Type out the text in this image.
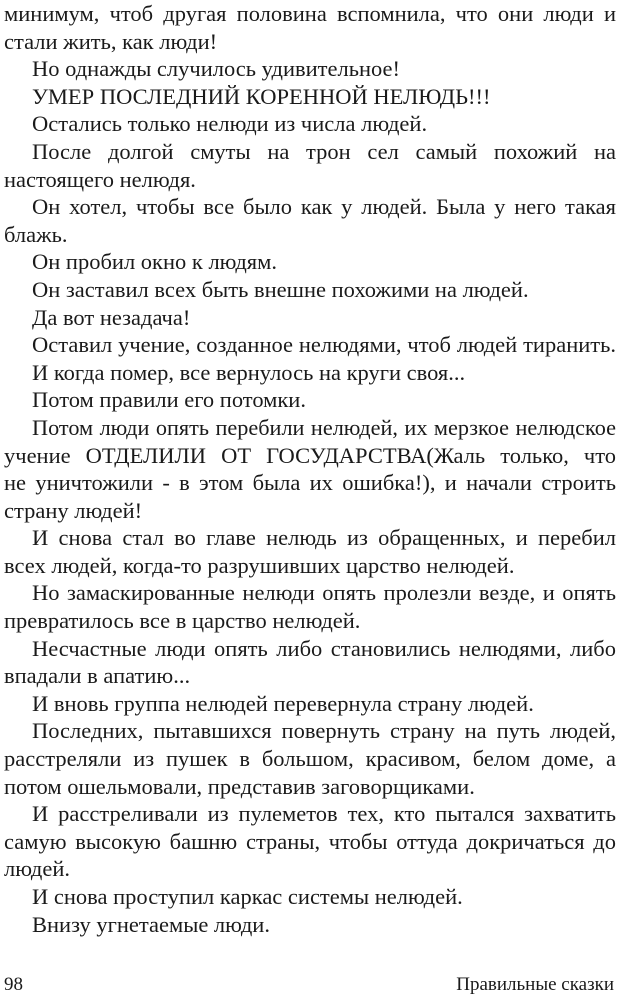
минимум, чтоб другая половина вспомнила, что они люди и
стали жить, как люди!
Но однажды случилось удивительное!
УМЕР ПОСЛЕДНИЙ КОРЕННОЙ НЕЛЮДЬ!!!
Остались только нелюди из числа людей.
После долгой смуты на трон сел самый похожий на
настоящего нелюдя.
Он хотел, чтобы все было как у людей. Была у него такая
блажь.
Он пробил окно к людям.
Он заставил всех быть внешне похожими на людей.
Да вот незадача!
Оставил учение, созданное нелюдями, чтоб людей тиранить.
И когда помер, все вернулось на круги своя...
Потом правили его потомки.
Потом люди опять перебили нелюдей, их мерзкое нелюдское
учение ОТДЕЛИЛИ ОТ ГОСУДАРСТВА(Жаль только, что
не уничтожили - в этом была их ошибка!), и начали строить
страну людей!
И снова стал во главе нелюдь из обращенных, и перебил
всех людей, когда-то разрушивших царство нелюдей.
Но замаскированные нелюди опять пролезли везде, и опять
превратилось все в царство нелюдей.
Несчастные люди опять либо становились нелюдями, либо
впадали в апатию...
И вновь группа нелюдей перевернула страну людей.
Последних, пытавшихся повернуть страну на путь людей,
расстреляли из пушек в большом, красивом, белом доме, а
потом ошельмовали, представив заговорщиками.
И расстреливали из пулеметов тех, кто пытался захватить
самую высокую башню страны, чтобы оттуда докричаться до
людей.
И снова проступил каркас системы нелюдей.
Внизу угнетаемые люди.
98	Правильные сказки
